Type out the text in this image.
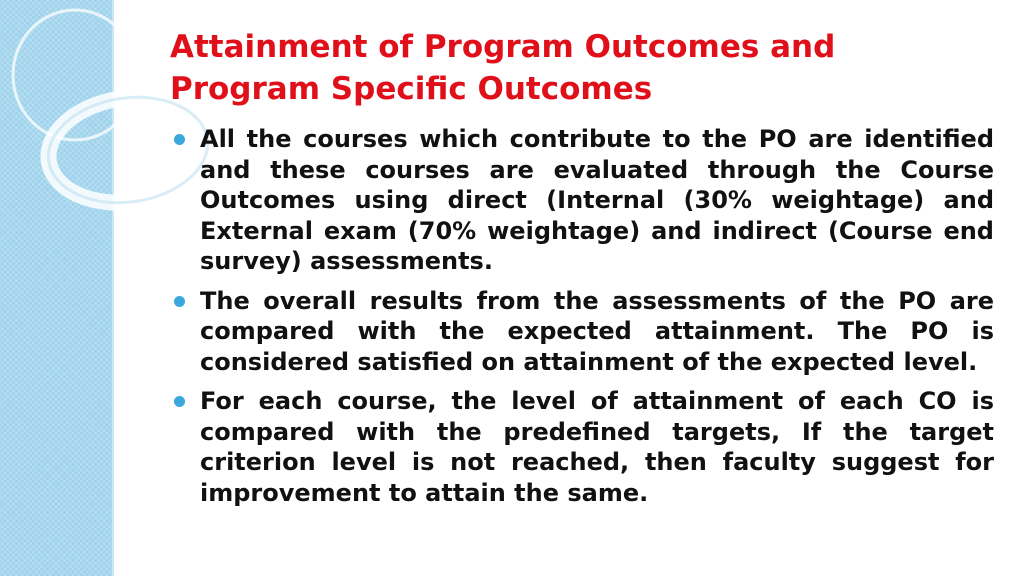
Attainment of Program Outcomes and
Program Specific Outcomes
All the courses which contribute to the PO are identified and these courses are evaluated through the Course Outcomes using direct (Internal (30% weightage) and External exam (70% weightage) and indirect (Course end survey) assessments.
The overall results from the assessments of the PO are compared with the expected attainment. The PO is considered satisfied on attainment of the expected level.
For each course, the level of attainment of each CO is compared with the predefined targets, If the target criterion level is not reached, then faculty suggest for improvement to attain the same.
